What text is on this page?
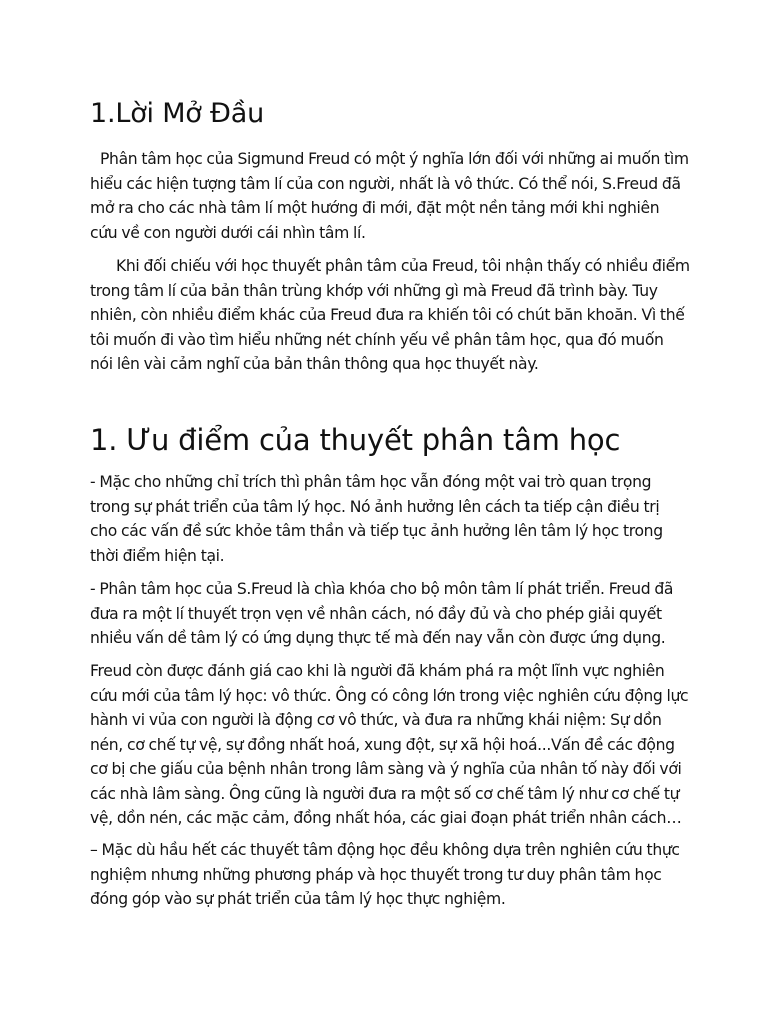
1.Lời Mở Đầu

Phân tâm học của Sigmund Freud có một ý nghĩa lớn đối với những ai muốn tìm hiểu các hiện tượng tâm lí của con người, nhất là vô thức. Có thể nói, S.Freud đã mở ra cho các nhà tâm lí một hướng đi mới, đặt một nền tảng mới khi nghiên cứu về con người dưới cái nhìn tâm lí.

Khi đối chiếu với học thuyết phân tâm của Freud, tôi nhận thấy có nhiều điểm trong tâm lí của bản thân trùng khớp với những gì mà Freud đã trình bày. Tuy nhiên, còn nhiều điểm khác của Freud đưa ra khiến tôi có chút băn khoăn. Vì thế tôi muốn đi vào tìm hiểu những nét chính yếu về phân tâm học, qua đó muốn nói lên vài cảm nghĩ của bản thân thông qua học thuyết này.

1. Ưu điểm của thuyết phân tâm học

- Mặc cho những chỉ trích thì phân tâm học vẫn đóng một vai trò quan trọng trong sự phát triển của tâm lý học. Nó ảnh hưởng lên cách ta tiếp cận điều trị cho các vấn đề sức khỏe tâm thần và tiếp tục ảnh hưởng lên tâm lý học trong thời điểm hiện tại.

- Phân tâm học của S.Freud là chìa khóa cho bộ môn tâm lí phát triển. Freud đã đưa ra một lí thuyết trọn vẹn về nhân cách, nó đầy đủ và cho phép giải quyết nhiều vấn dề tâm lý có ứng dụng thực tế mà đến nay vẫn còn được ứng dụng.

Freud còn được đánh giá cao khi là người đã khám phá ra một lĩnh vực nghiên cứu mới của tâm lý học: vô thức. Ông có công lớn trong việc nghiên cứu động lực hành vi vủa con người là động cơ vô thức, và đưa ra những khái niệm: Sự dồn nén, cơ chế tự vệ, sự đồng nhất hoá, xung đột, sự xã hội hoá...Vấn đề các động cơ bị che giấu của bệnh nhân trong lâm sàng và ý nghĩa của nhân tố này đối với các nhà lâm sàng. Ông cũng là người đưa ra một số cơ chế tâm lý như cơ chế tự vệ, dồn nén, các mặc cảm, đồng nhất hóa, các giai đoạn phát triển nhân cách…

– Mặc dù hầu hết các thuyết tâm động học đều không dựa trên nghiên cứu thực nghiệm nhưng những phương pháp và học thuyết trong tư duy phân tâm học đóng góp vào sự phát triển của tâm lý học thực nghiệm.
